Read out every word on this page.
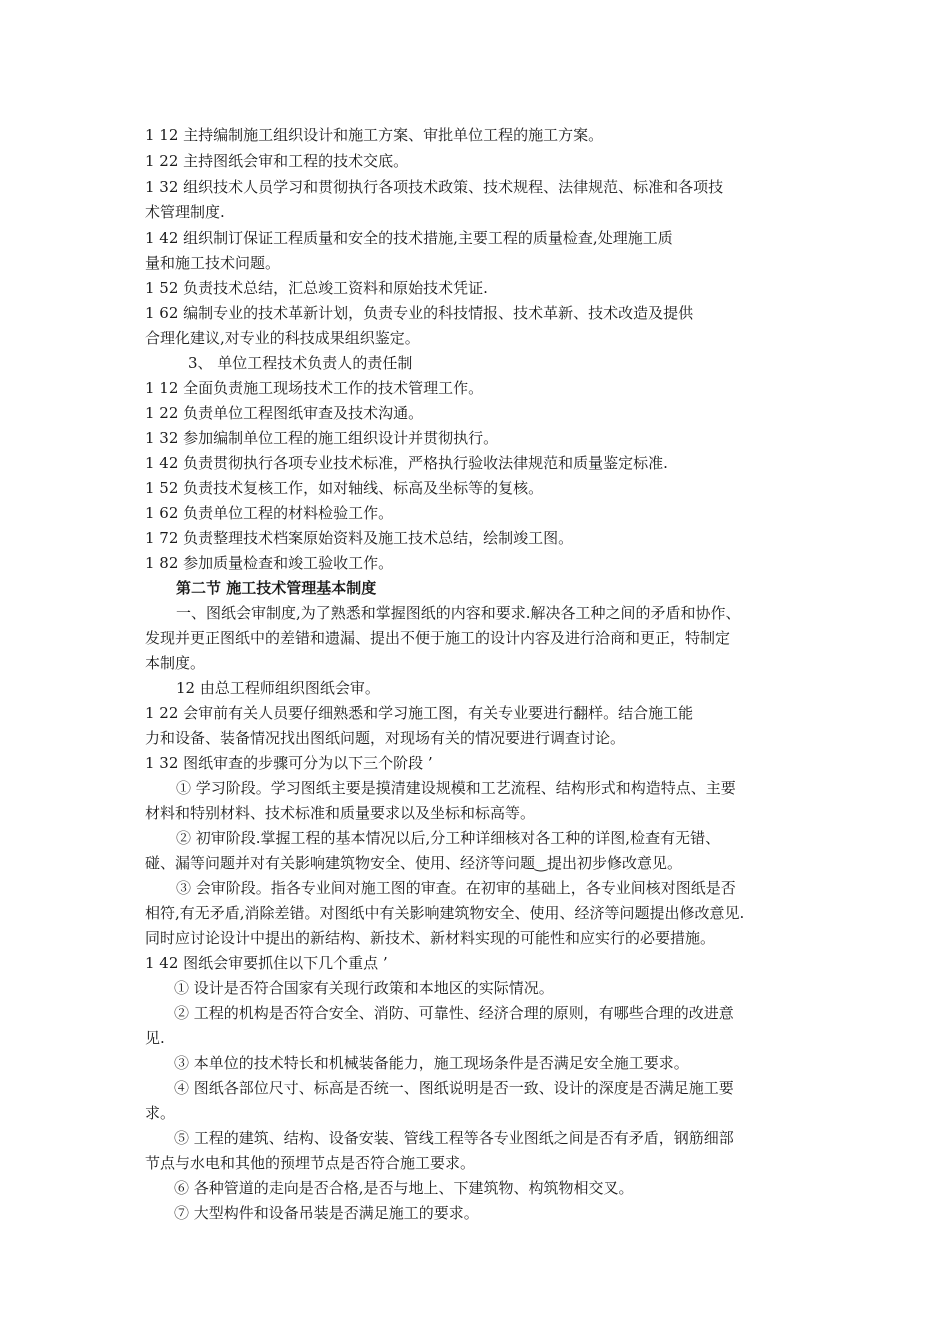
1 12 主持编制施工组织设计和施工方案、审批单位工程的施工方案。
1 22 主持图纸会审和工程的技术交底。
1 32 组织技术人员学习和贯彻执行各项技术政策、技术规程、法律规范、标准和各项技
术管理制度.
1 42 组织制订保证工程质量和安全的技术措施,主要工程的质量检查,处理施工质
量和施工技术问题。
1 52 负责技术总结，汇总竣工资料和原始技术凭证.
1 62 编制专业的技术革新计划，负责专业的科技情报、技术革新、技术改造及提供
合理化建议,对专业的科技成果组织鉴定。
3、 单位工程技术负责人的责任制
1 12 全面负责施工现场技术工作的技术管理工作。
1 22 负责单位工程图纸审查及技术沟通。
1 32 参加编制单位工程的施工组织设计并贯彻执行。
1 42 负责贯彻执行各项专业技术标准，严格执行验收法律规范和质量鉴定标准.
1 52 负责技术复核工作，如对轴线、标高及坐标等的复核。
1 62 负责单位工程的材料检验工作。
1 72 负责整理技术档案原始资料及施工技术总结，绘制竣工图。
1 82 参加质量检查和竣工验收工作。
第二节 施工技术管理基本制度
一、图纸会审制度,为了熟悉和掌握图纸的内容和要求.解决各工种之间的矛盾和协作、
发现并更正图纸中的差错和遗漏、提出不便于施工的设计内容及进行洽商和更正，特制定
本制度。
12 由总工程师组织图纸会审。
1 22 会审前有关人员要仔细熟悉和学习施工图，有关专业要进行翻样。结合施工能
力和设备、装备情况找出图纸问题，对现场有关的情况要进行调查讨论。
1 32 图纸审查的步骤可分为以下三个阶段 ’
① 学习阶段。学习图纸主要是摸清建设规模和工艺流程、结构形式和构造特点、主要
材料和特别材料、技术标准和质量要求以及坐标和标高等。
② 初审阶段.掌握工程的基本情况以后,分工种详细核对各工种的详图,检查有无错、
碰、漏等问题并对有关影响建筑物安全、使用、经济等问题‿提出初步修改意见。
③ 会审阶段。指各专业间对施工图的审查。在初审的基础上，各专业间核对图纸是否
相符,有无矛盾,消除差错。对图纸中有关影响建筑物安全、使用、经济等问题提出修改意见.
同时应讨论设计中提出的新结构、新技术、新材料实现的可能性和应实行的必要措施。
1 42 图纸会审要抓住以下几个重点 ’
① 设计是否符合国家有关现行政策和本地区的实际情况。
② 工程的机构是否符合安全、消防、可靠性、经济合理的原则，有哪些合理的改进意
见.
③ 本单位的技术特长和机械装备能力，施工现场条件是否满足安全施工要求。
④ 图纸各部位尺寸、标高是否统一、图纸说明是否一致、设计的深度是否满足施工要
求。
⑤ 工程的建筑、结构、设备安装、管线工程等各专业图纸之间是否有矛盾，钢筋细部
节点与水电和其他的预埋节点是否符合施工要求。
⑥ 各种管道的走向是否合格,是否与地上、下建筑物、构筑物相交叉。
⑦ 大型构件和设备吊装是否满足施工的要求。
